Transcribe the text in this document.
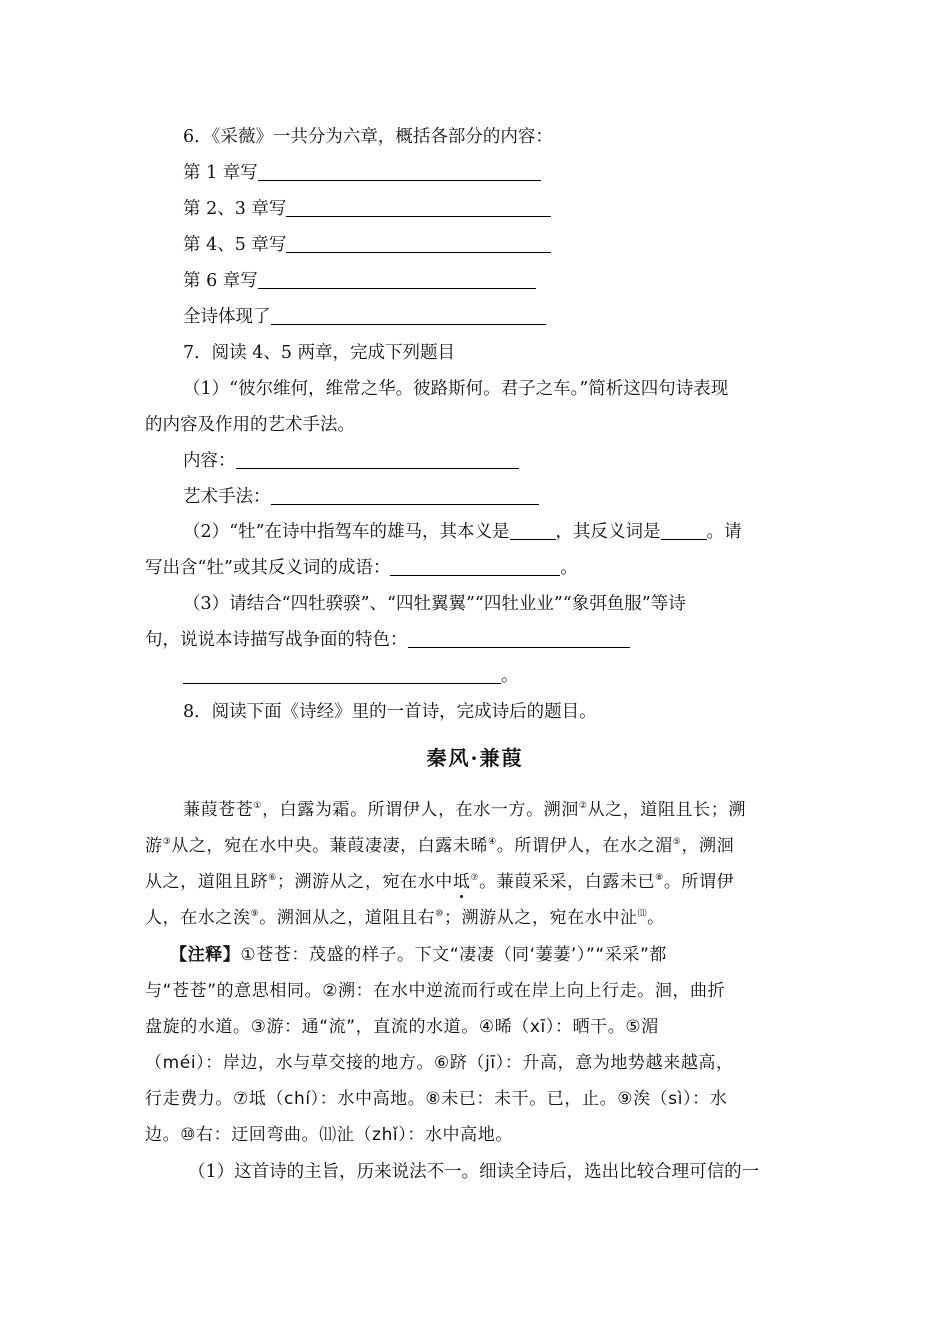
6．《采薇》一共分为六章，概括各部分的内容：
第 1 章写
第 2、3 章写
第 4、5 章写
第 6 章写
全诗体现了
7．阅读 4、5 两章，完成下列题目
（1）“彼尔维何，维常之华。彼路斯何。君子之车。”简析这四句诗表现
的内容及作用的艺术手法。
内容：
艺术手法：
（2）“牡”在诗中指驾车的雄马，其本义是	，其反义词是	。请
写出含“牡”或其反义词的成语：	。
（3）请结合“四牡骙骙”、“四牡翼翼”“四牡业业”“象弭鱼服”等诗
句，说说本诗描写战争面的特色：
。
8．阅读下面《诗经》里的一首诗，完成诗后的题目。
秦风·兼葭
蒹葭苍苍①，白露为霜。所谓伊人，在水一方。溯洄②从之，道阻且长；溯
游③从之，宛在水中央。蒹葭凄凄，白露未晞④。所谓伊人，在水之湄⑤，溯洄
从之，道阻且跻⑥；溯游从之，宛在水中坻⑦。蒹葭采采，白露未已⑧。所谓伊
人，在水之涘⑨。溯洄从之，道阻且右⑩；溯游从之，宛在水中沚⑾。
【注释】①苍苍：茂盛的样子。下文“凄凄（同‘萋萋’）”“采采”都
与“苍苍”的意思相同。②溯：在水中逆流而行或在岸上向上行走。洄，曲折
盘旋的水道。③游：通“流”，直流的水道。④晞（xī）：晒干。⑤湄
（méi）：岸边，水与草交接的地方。⑥跻（jī）：升高，意为地势越来越高，
行走费力。⑦坻（chí）：水中高地。⑧未已：未干。已，止。⑨涘（sì）：水
边。⑩右：迂回弯曲。⑾沚（zhǐ）：水中高地。
（1）这首诗的主旨，历来说法不一。细读全诗后，选出比较合理可信的一
